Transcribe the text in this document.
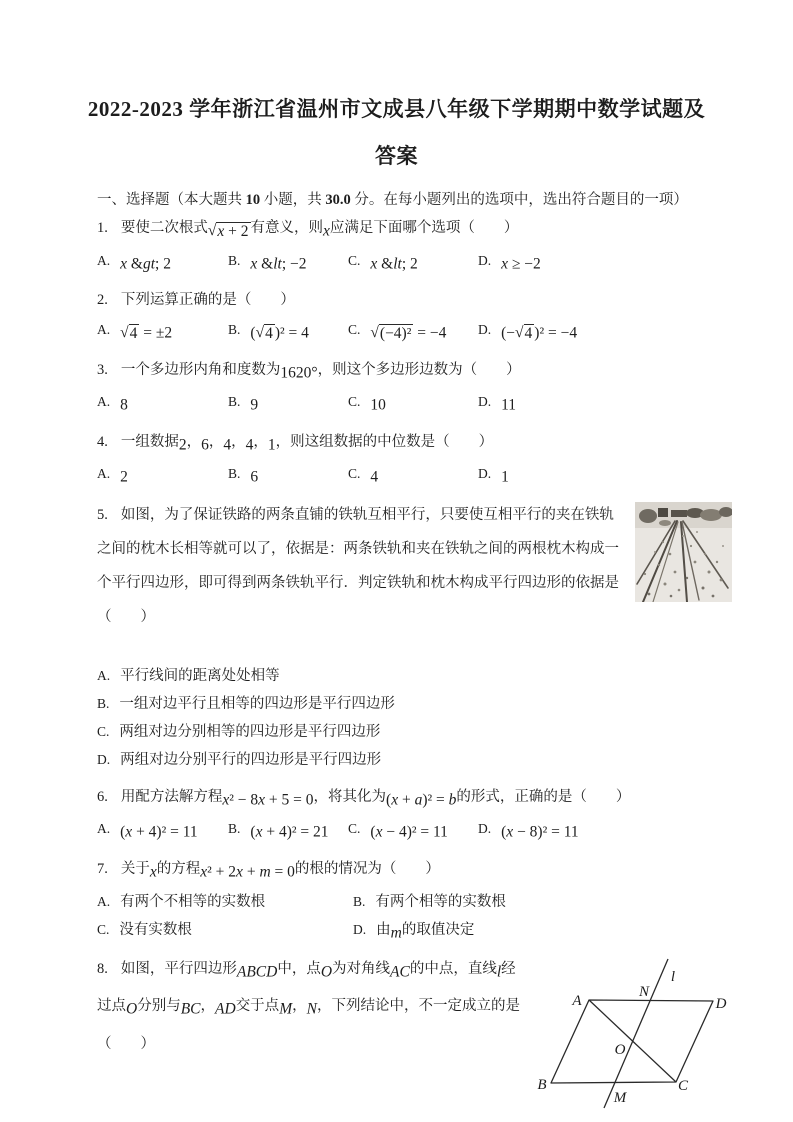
2022-2023 学年浙江省温州市文成县八年级下学期期中数学试题及
答案
一、选择题（本大题共 10 小题，共 30.0 分。在每小题列出的选项中，选出符合题目的一项）
1. 要使二次根式√x + 2 有意义，则x应满足下面哪个选项（　　）
A. x &gt; 2	B. x &lt; −2	C. x &lt; 2	D. x ≥ −2
2. 下列运算正确的是（　　）
A. √4 = ±2	B. (√4 )² = 4	C. √(−4)² = −4	D. (−√4 )² = −4
3. 一个多边形内角和度数为1620°，则这个多边形边数为（　　）
A. 8	B. 9	C. 10	D. 11
4. 一组数据2，6，4，4，1，则这组数据的中位数是（　　）
A. 2	B. 6	C. 4	D. 1
5. 如图，为了保证铁路的两条直铺的铁轨互相平行，只要使互相平行的夹在铁轨之间的枕木长相等就可以了，依据是：两条铁轨和夹在铁轨之间的两根枕木构成一个平行四边形，即可得到两条铁轨平行．判定铁轨和枕木构成平行四边形的依据是
（　　）
A. 平行线间的距离处处相等
B. 一组对边平行且相等的四边形是平行四边形
C. 两组对边分别相等的四边形是平行四边形
D. 两组对边分别平行的四边形是平行四边形
6. 用配方法解方程x² − 8x + 5 = 0，将其化为(x + a)² = b的形式，正确的是（　　）
A. (x + 4)² = 11	B. (x + 4)² = 21	C. (x − 4)² = 11	D. (x − 8)² = 11
7. 关于x的方程x² + 2x + m = 0的根的情况为（　　）
A. 有两个不相等的实数根	B. 有两个相等的实数根
C. 没有实数根	D. 由m的取值决定
A	D
B	C
N
l
O
M
8. 如图，平行四边形ABCD中，点O为对角线AC的中点，直线l经过点O分别与BC，AD交于点M，N，下列结论中，不一定成立的是
（　　）
